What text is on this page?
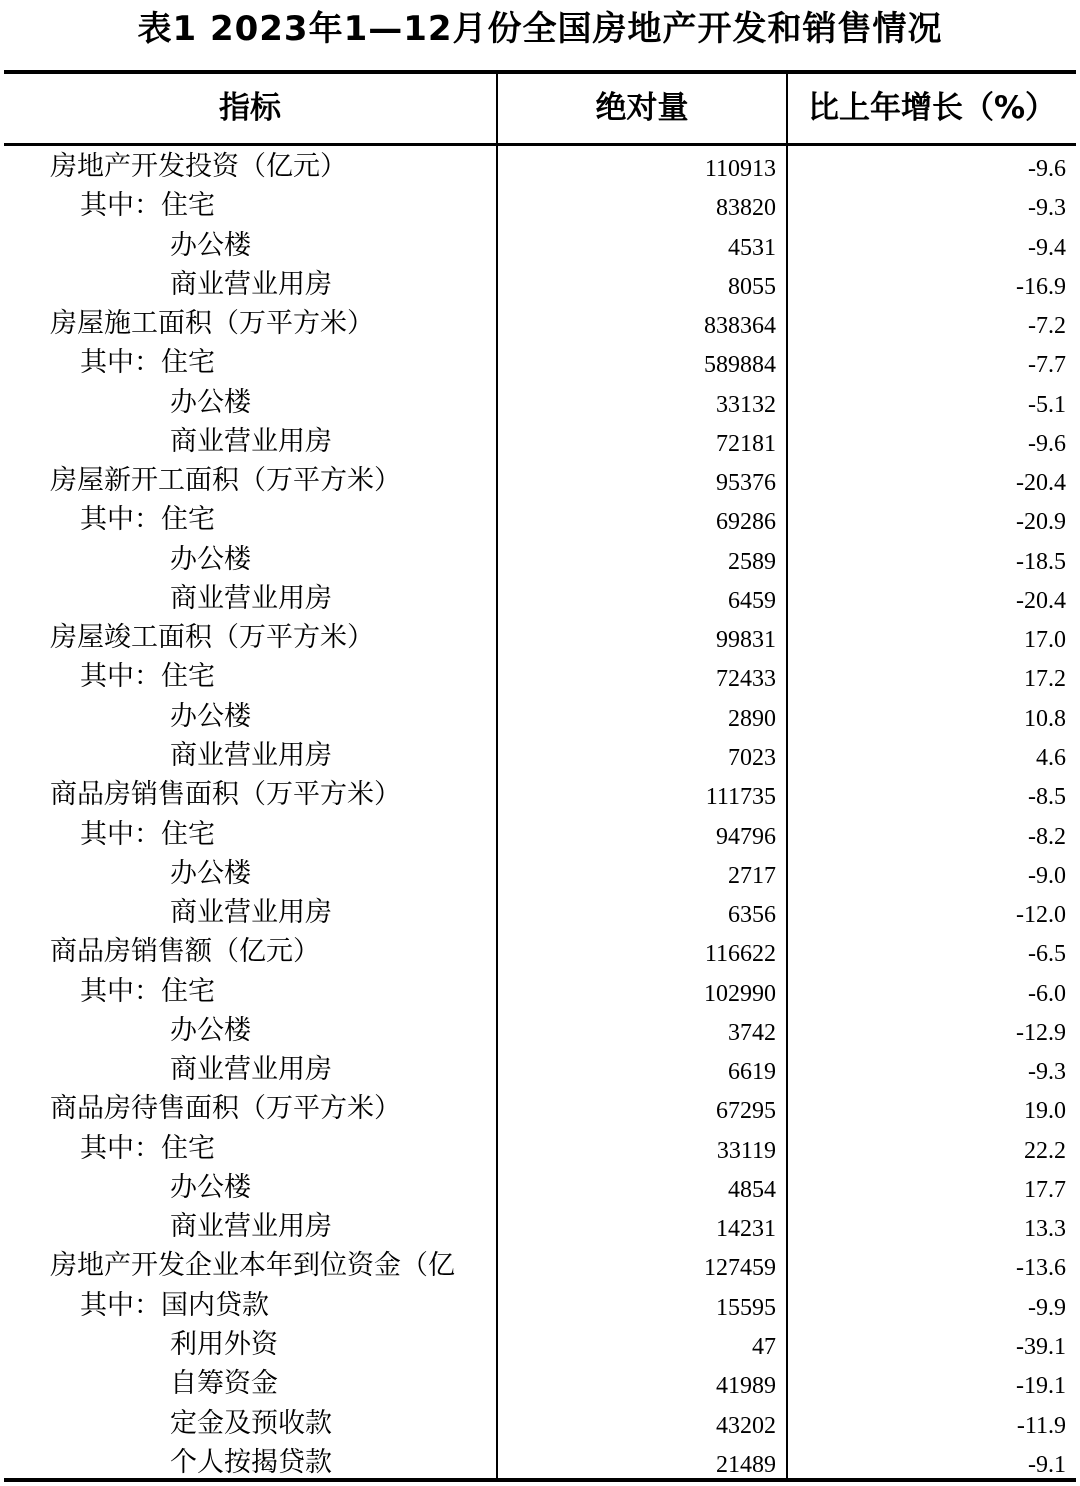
表1 2023年1—12月份全国房地产开发和销售情况
指标	绝对量	比上年增长（%）
房地产开发投资（亿元）	110913	-9.6
其中：住宅	83820	-9.3
办公楼	4531	-9.4
商业营业用房	8055	-16.9
房屋施工面积（万平方米）	838364	-7.2
其中：住宅	589884	-7.7
办公楼	33132	-5.1
商业营业用房	72181	-9.6
房屋新开工面积（万平方米）	95376	-20.4
其中：住宅	69286	-20.9
办公楼	2589	-18.5
商业营业用房	6459	-20.4
房屋竣工面积（万平方米）	99831	17.0
其中：住宅	72433	17.2
办公楼	2890	10.8
商业营业用房	7023	4.6
商品房销售面积（万平方米）	111735	-8.5
其中：住宅	94796	-8.2
办公楼	2717	-9.0
商业营业用房	6356	-12.0
商品房销售额（亿元）	116622	-6.5
其中：住宅	102990	-6.0
办公楼	3742	-12.9
商业营业用房	6619	-9.3
商品房待售面积（万平方米）	67295	19.0
其中：住宅	33119	22.2
办公楼	4854	17.7
商业营业用房	14231	13.3
房地产开发企业本年到位资金（亿	127459	-13.6
其中：国内贷款	15595	-9.9
利用外资	47	-39.1
自筹资金	41989	-19.1
定金及预收款	43202	-11.9
个人按揭贷款	21489	-9.1
